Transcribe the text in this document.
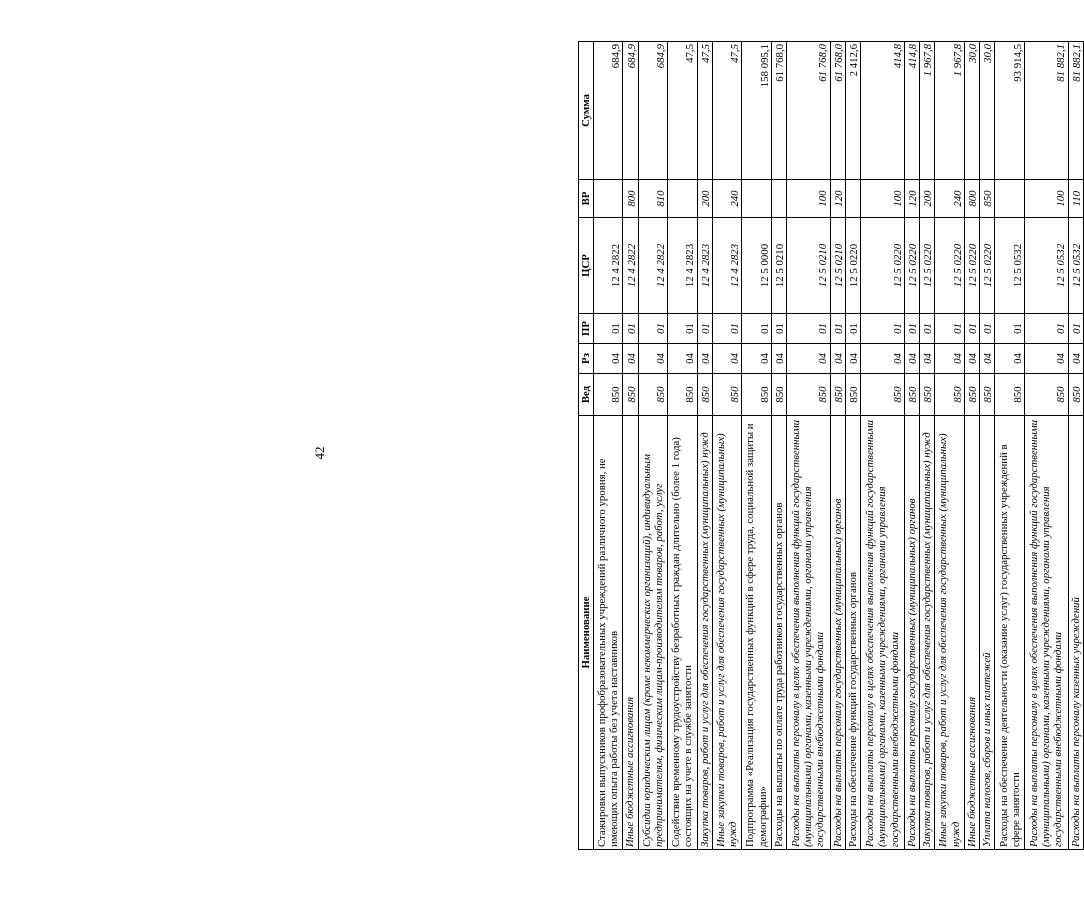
42
Наименование	Вед	Рз	ПР	ЦСР	ВР	Сумма
Стажировки выпускников профобразовательных учреждений различного уровня, не имеющих опыта работы без учета наставников	850	04	01	12 4 2822		684,9
Иные бюджетные ассигнования	850	04	01	12 4 2822	800	684,9
Субсидии юридическим лицам (кроме некоммерческих организаций), индивидуальным предпринимателям, физическим лицам-производителям товаров, работ, услуг	850	04	01	12 4 2822	810	684,9
Содействие временному трудоустройству безработных граждан длительно (более 1 года) состоящих на учете в службе занятости	850	04	01	12 4 2823		47,5
Закупка товаров, работ и услуг для обеспечения государственных (муниципальных) нужд	850	04	01	12 4 2823	200	47,5
Иные закупки товаров, работ и услуг для обеспечения государственных (муниципальных) нужд	850	04	01	12 4 2823	240	47,5
Подпрограмма «Реализация государственных функций в сфере труда, социальной защиты и демографии»	850	04	01	12 5 0000		158 095,1
Расходы на выплаты по оплате труда работников государственных органов	850	04	01	12 5 0210		61 768,0
Расходы на выплаты персоналу в целях обеспечения выполнения функций государственными (муниципальными) органами, казенными учреждениями, органами управления государственными внебюджетными фондами	850	04	01	12 5 0210	100	61 768,0
Расходы на выплаты персоналу государственных (муниципальных) органов	850	04	01	12 5 0210	120	61 768,0
Расходы на обеспечение функций государственных органов	850	04	01	12 5 0220		2 412,6
Расходы на выплаты персоналу в целях обеспечения выполнения функций государственными (муниципальными) органами, казенными учреждениями, органами управления государственными внебюджетными фондами	850	04	01	12 5 0220	100	414,8
Расходы на выплаты персоналу государственных (муниципальных) органов	850	04	01	12 5 0220	120	414,8
Закупка товаров, работ и услуг для обеспечения государственных (муниципальных) нужд	850	04	01	12 5 0220	200	1 967,8
Иные закупки товаров, работ и услуг для обеспечения государственных (муниципальных) нужд	850	04	01	12 5 0220	240	1 967,8
Иные бюджетные ассигнования	850	04	01	12 5 0220	800	30,0
Уплата налогов, сборов и иных платежей	850	04	01	12 5 0220	850	30,0
Расходы на обеспечение деятельности (оказание услуг) государственных учреждений в сфере занятости	850	04	01	12 5 0532		93 914,5
Расходы на выплаты персоналу в целях обеспечения выполнения функций государственными (муниципальными) органами, казенными учреждениями, органами управления государственными внебюджетными фондами	850	04	01	12 5 0532	100	81 882,1
Расходы на выплаты персоналу казенных учреждений	850	04	01	12 5 0532	110	81 882,1
